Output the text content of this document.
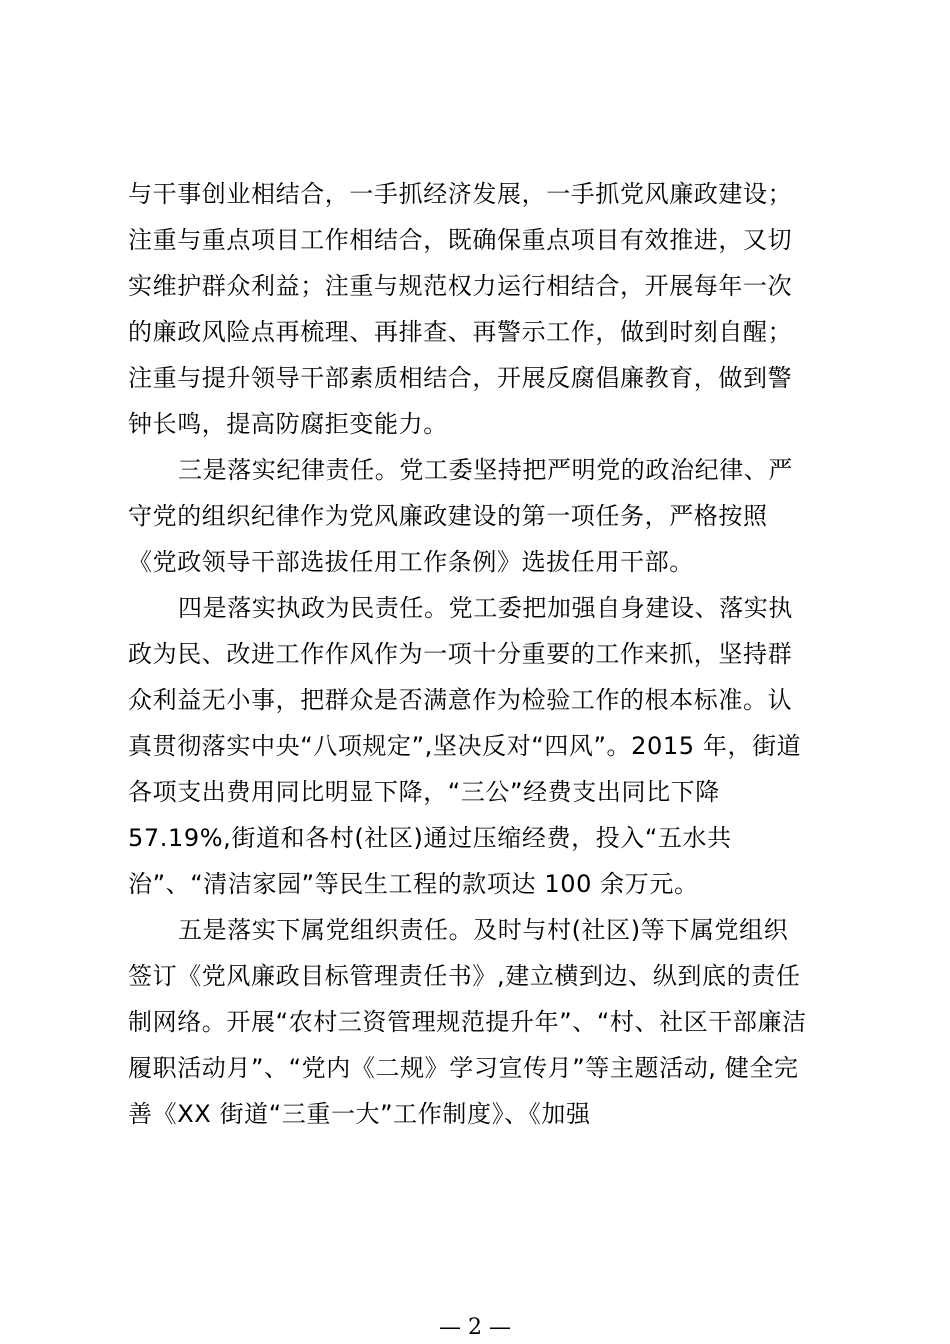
与干事创业相结合，一手抓经济发展，一手抓党风廉政建设；
注重与重点项目工作相结合，既确保重点项目有效推进，又切
实维护群众利益；注重与规范权力运行相结合，开展每年一次
的廉政风险点再梳理、再排查、再警示工作，做到时刻自醒；
注重与提升领导干部素质相结合，开展反腐倡廉教育，做到警
钟长鸣，提高防腐拒变能力。
三是落实纪律责任。党工委坚持把严明党的政治纪律、严
守党的组织纪律作为党风廉政建设的第一项任务，严格按照
《党政领导干部选拔任用工作条例》选拔任用干部。
四是落实执政为民责任。党工委把加强自身建设、落实执
政为民、改进工作作风作为一项十分重要的工作来抓，坚持群
众利益无小事，把群众是否满意作为检验工作的根本标准。认
真贯彻落实中央“八项规定”,坚决反对“四风”。2015 年，街道
各项支出费用同比明显下降，“三公”经费支出同比下降
57.19%,街道和各村(社区)通过压缩经费，投入“五水共
治”、“清洁家园”等民生工程的款项达 100 余万元。
五是落实下属党组织责任。及时与村(社区)等下属党组织
签订《党风廉政目标管理责任书》,建立横到边、纵到底的责任
制网络。开展“农村三资管理规范提升年”、“村、社区干部廉洁
履职活动月”、“党内《二规》学习宣传月”等主题活动, 健全完
善《XX 街道“三重一大”工作制度》、《加强
— 2 —
